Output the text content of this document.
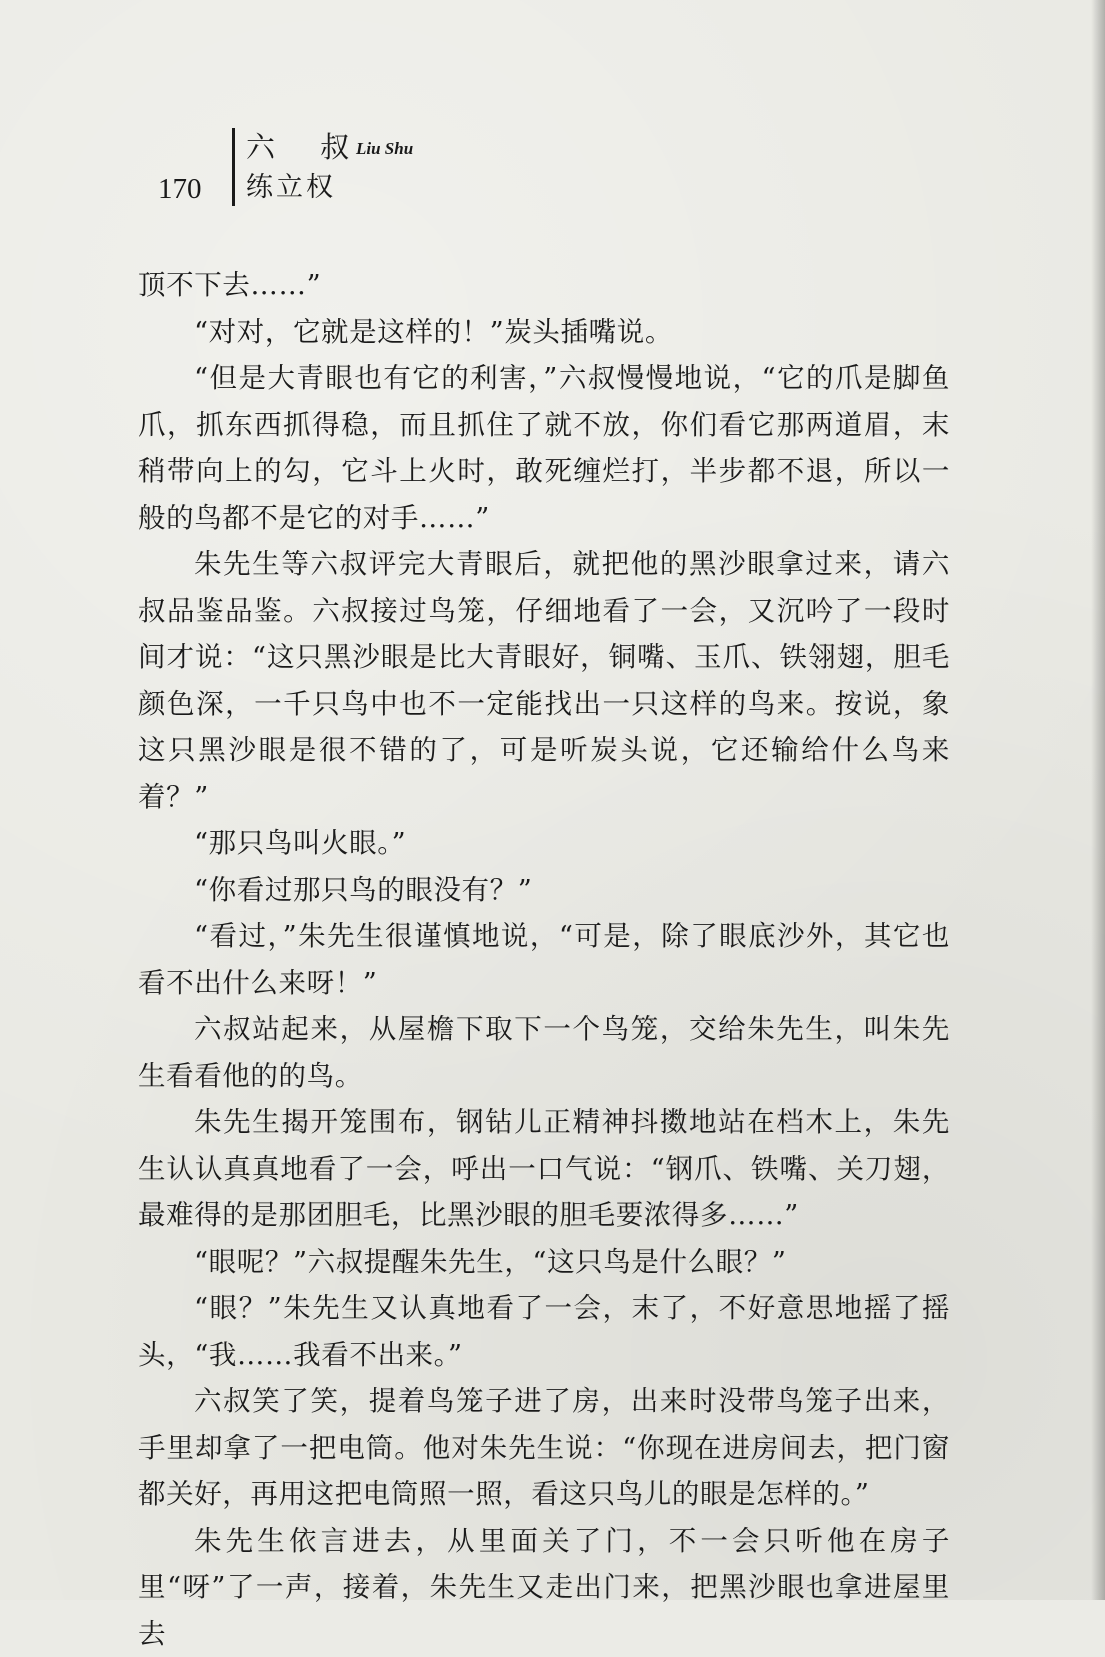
170
六 叔
Liu Shu
练立权

顶不下去……”

“对对，它就是这样的！”炭头插嘴说。

“但是大青眼也有它的利害，”六叔慢慢地说，“它的爪是脚鱼爪，抓东西抓得稳，而且抓住了就不放，你们看它那两道眉，末稍带向上的勾，它斗上火时，敢死缠烂打，半步都不退，所以一般的鸟都不是它的对手……”

朱先生等六叔评完大青眼后，就把他的黑沙眼拿过来，请六叔品鉴品鉴。六叔接过鸟笼，仔细地看了一会，又沉吟了一段时间才说：“这只黑沙眼是比大青眼好，铜嘴、玉爪、铁翎翅，胆毛颜色深，一千只鸟中也不一定能找出一只这样的鸟来。按说，象这只黑沙眼是很不错的了，可是听炭头说，它还输给什么鸟来着？”

“那只鸟叫火眼。”

“你看过那只鸟的眼没有？”

“看过，”朱先生很谨慎地说，“可是，除了眼底沙外，其它也看不出什么来呀！”

六叔站起来，从屋檐下取下一个鸟笼，交给朱先生，叫朱先生看看他的的鸟。

朱先生揭开笼围布，钢钻儿正精神抖擞地站在档木上，朱先生认认真真地看了一会，呼出一口气说：“钢爪、铁嘴、关刀翅，最难得的是那团胆毛，比黑沙眼的胆毛要浓得多……”

“眼呢？”六叔提醒朱先生，“这只鸟是什么眼？”

“眼？”朱先生又认真地看了一会，末了，不好意思地摇了摇头，“我……我看不出来。”

六叔笑了笑，提着鸟笼子进了房，出来时没带鸟笼子出来，手里却拿了一把电筒。他对朱先生说：“你现在进房间去，把门窗都关好，再用这把电筒照一照，看这只鸟儿的眼是怎样的。”

朱先生依言进去，从里面关了门，不一会只听他在房子里“呀”了一声，接着，朱先生又走出门来，把黑沙眼也拿进屋里去
